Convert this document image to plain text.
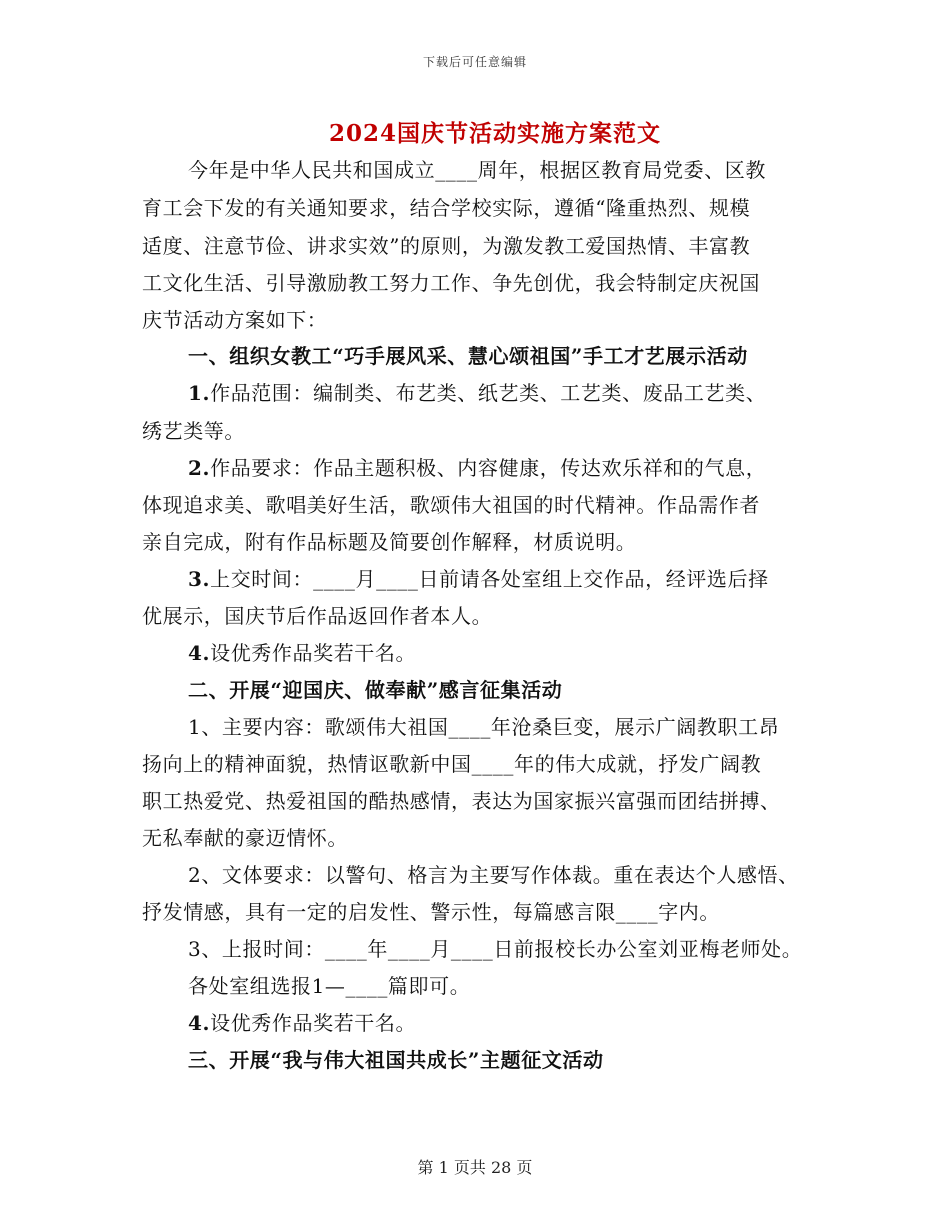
下载后可任意编辑
2024国庆节活动实施方案范文
今年是中华人民共和国成立____周年，根据区教育局党委、区教
育工会下发的有关通知要求，结合学校实际，遵循“隆重热烈、规模
适度、注意节俭、讲求实效”的原则，为激发教工爱国热情、丰富教
工文化生活、引导激励教工努力工作、争先创优，我会特制定庆祝国
庆节活动方案如下：
一、组织女教工“巧手展风采、慧心颂祖国”手工才艺展示活动
1.作品范围：编制类、布艺类、纸艺类、工艺类、废品工艺类、
绣艺类等。
2.作品要求：作品主题积极、内容健康，传达欢乐祥和的气息，
体现追求美、歌唱美好生活，歌颂伟大祖国的时代精神。作品需作者
亲自完成，附有作品标题及简要创作解释，材质说明。
3.上交时间：____月____日前请各处室组上交作品，经评选后择
优展示，国庆节后作品返回作者本人。
4.设优秀作品奖若干名。
二、开展“迎国庆、做奉献”感言征集活动
1、主要内容：歌颂伟大祖国____年沧桑巨变，展示广阔教职工昂
扬向上的精神面貌，热情讴歌新中国____年的伟大成就，抒发广阔教
职工热爱党、热爱祖国的酷热感情，表达为国家振兴富强而团结拼搏、
无私奉献的豪迈情怀。
2、文体要求：以警句、格言为主要写作体裁。重在表达个人感悟、
抒发情感，具有一定的启发性、警示性，每篇感言限____字内。
3、上报时间：____年____月____日前报校长办公室刘亚梅老师处。
各处室组选报1—____篇即可。
4.设优秀作品奖若干名。
三、开展“我与伟大祖国共成长”主题征文活动
第 1 页共 28 页
